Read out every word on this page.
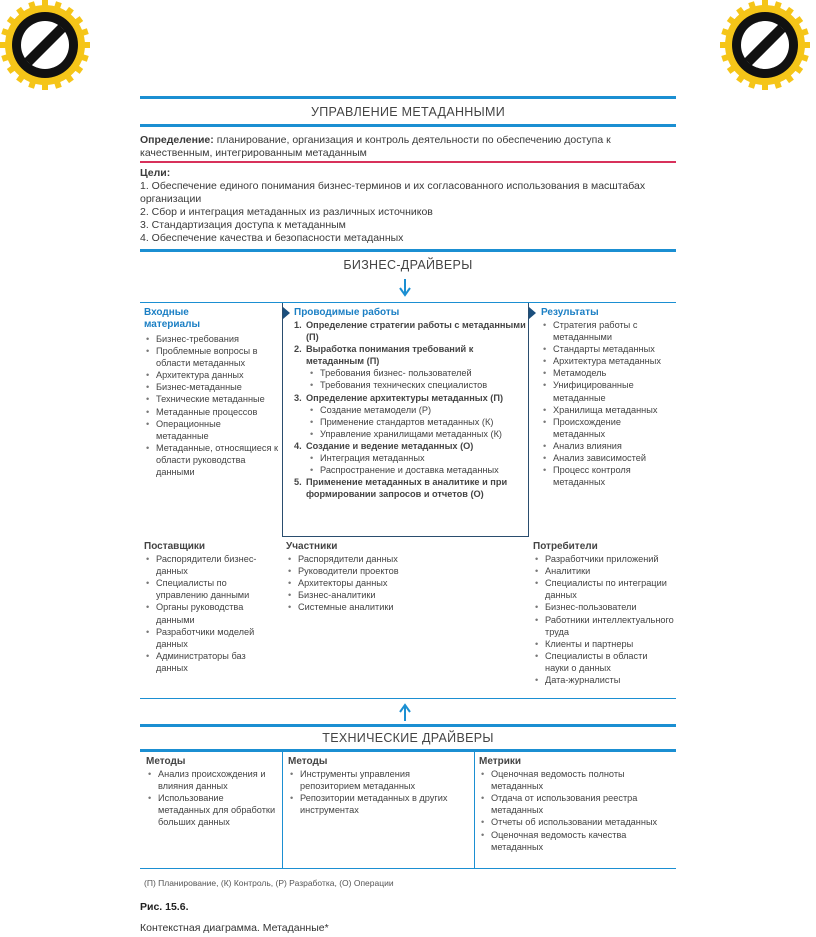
УПРАВЛЕНИЕ МЕТАДАННЫМИ
Определение: планирование, организация и контроль деятельности по обеспечению доступа к качественным, интегрированным метаданным
Цели:
1. Обеспечение единого понимания бизнес-терминов и их согласованного использования в масштабах организации
2. Сбор и интеграция метаданных из различных источников
3. Стандартизация доступа к метаданным
4. Обеспечение качества и безопасности метаданных
БИЗНЕС-ДРАЙВЕРЫ
Входные материалы
• Бизнес-требования
• Проблемные вопросы в области метаданных
• Архитектура данных
• Бизнес-метаданные
• Технические метаданные
• Метаданные процессов
• Операционные метаданные
• Метаданные, относящиеся к области руководства данными
Проводимые работы
1. Определение стратегии работы с метаданными (П)
2. Выработка понимания требований к метаданным (П)
• Требования бизнес- пользователей
• Требования технических специалистов
3. Определение архитектуры метаданных (П)
• Создание метамодели (Р)
• Применение стандартов метаданных (К)
• Управление хранилищами метаданных (К)
4. Создание и ведение метаданных (О)
• Интеграция метаданных
• Распространение и доставка метаданных
5. Применение метаданных в аналитике и при формировании запросов и отчетов (О)
Результаты
• Стратегия работы с метаданными
• Стандарты метаданных
• Архитектура метаданных
• Метамодель
• Унифицированные метаданные
• Хранилища метаданных
• Происхождение метаданных
• Анализ влияния
• Анализ зависимостей
• Процесс контроля метаданных
Поставщики
• Распорядители бизнес-данных
• Специалисты по управлению данными
• Органы руководства данными
• Разработчики моделей данных
• Администраторы баз данных
Участники
• Распорядители данных
• Руководители проектов
• Архитекторы данных
• Бизнес-аналитики
• Системные аналитики
Потребители
• Разработчики приложений
• Аналитики
• Специалисты по интеграции данных
• Бизнес-пользователи
• Работники интеллектуального труда
• Клиенты и партнеры
• Специалисты в области науки о данных
• Дата-журналисты
ТЕХНИЧЕСКИЕ ДРАЙВЕРЫ
Методы
• Анализ происхождения и влияния данных
• Использование метаданных для обработки больших данных
Методы
• Инструменты управления репозиторием метаданных
• Репозитории метаданных в других инструментах
Метрики
• Оценочная ведомость полноты метаданных
• Отдача от использования реестра метаданных
• Отчеты об использовании метаданных
• Оценочная ведомость качества метаданных
(П) Планирование, (К) Контроль, (Р) Разработка, (О) Операции
Рис. 15.6.
Контекстная диаграмма. Метаданные*
